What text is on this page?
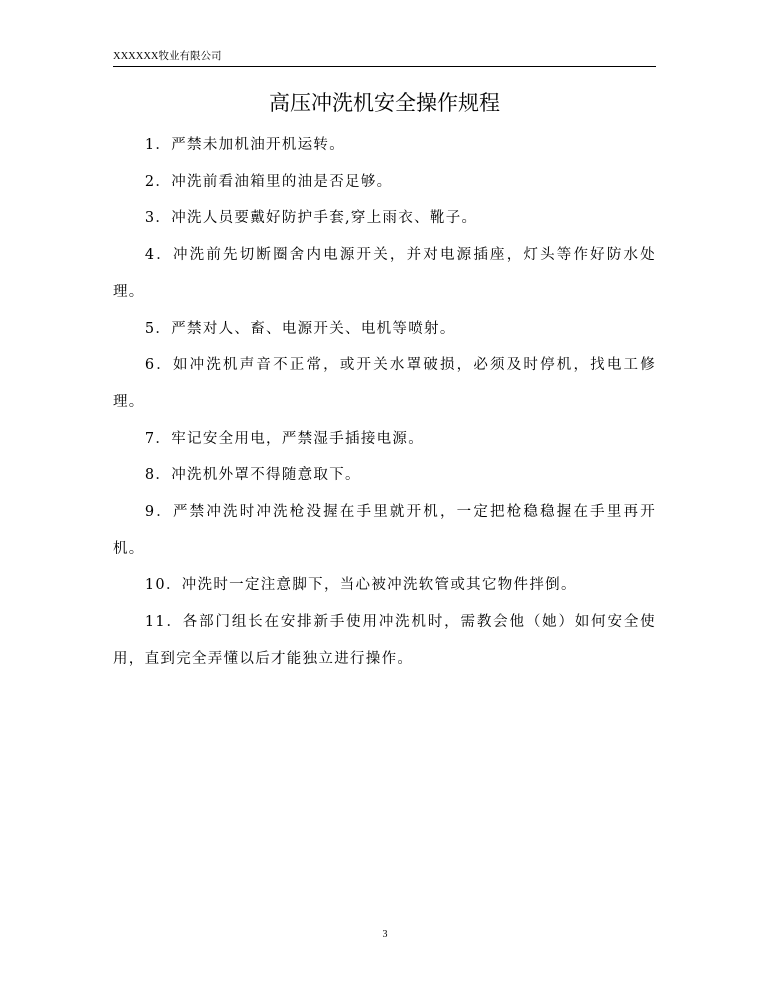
XXXXXX牧业有限公司
高压冲洗机安全操作规程

1．严禁未加机油开机运转。

2．冲洗前看油箱里的油是否足够。

3．冲洗人员要戴好防护手套,穿上雨衣、靴子。

4．冲洗前先切断圈舍内电源开关，并对电源插座，灯头等作好防水处理。

5．严禁对人、畜、电源开关、电机等喷射。

6．如冲洗机声音不正常，或开关水罩破损，必须及时停机，找电工修理。

7．牢记安全用电，严禁湿手插接电源。

8．冲洗机外罩不得随意取下。

9．严禁冲洗时冲洗枪没握在手里就开机，一定把枪稳稳握在手里再开机。

10．冲洗时一定注意脚下，当心被冲洗软管或其它物件拌倒。

11．各部门组长在安排新手使用冲洗机时，需教会他（她）如何安全使用，直到完全弄懂以后才能独立进行操作。

3
